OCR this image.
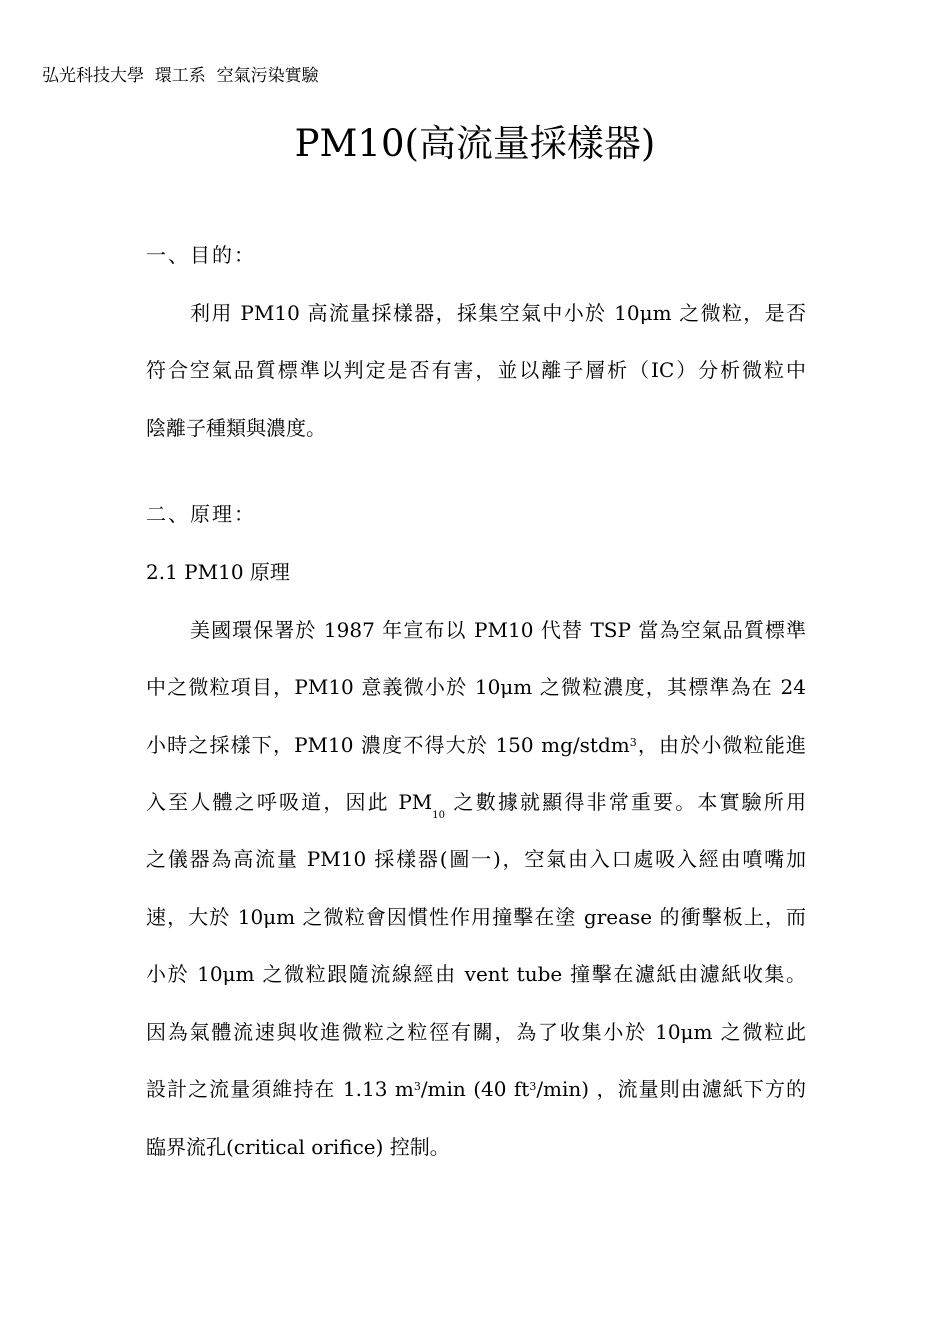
弘光科技大學  環工系  空氣污染實驗
PM10(高流量採樣器)
一、目的：
利用 PM10 高流量採樣器，採集空氣中小於 10μm 之微粒，是否
符合空氣品質標準以判定是否有害，並以離子層析（IC）分析微粒中
陰離子種類與濃度。
二、原理：
2.1 PM10 原理
美國環保署於 1987 年宣布以 PM10 代替 TSP 當為空氣品質標準
中之微粒項目，PM10 意義微小於 10μm 之微粒濃度，其標準為在 24
小時之採樣下，PM10 濃度不得大於 150 mg/stdm$^3$，由於小微粒能進
入至人體之呼吸道，因此 $PM_{10}$ 之數據就顯得非常重要。本實驗所用
之儀器為高流量 PM10 採樣器(圖一)，空氣由入口處吸入經由噴嘴加
速，大於 10μm 之微粒會因慣性作用撞擊在塗 grease 的衝擊板上，而
小於 10μm 之微粒跟隨流線經由 vent tube 撞擊在濾紙由濾紙收集。
因為氣體流速與收進微粒之粒徑有關，為了收集小於 10μm 之微粒此
設計之流量須維持在 1.13 $m^3/\min$ (40 $ft^3/\min$) ，流量則由濾紙下方的
臨界流孔(critical orifice) 控制。
